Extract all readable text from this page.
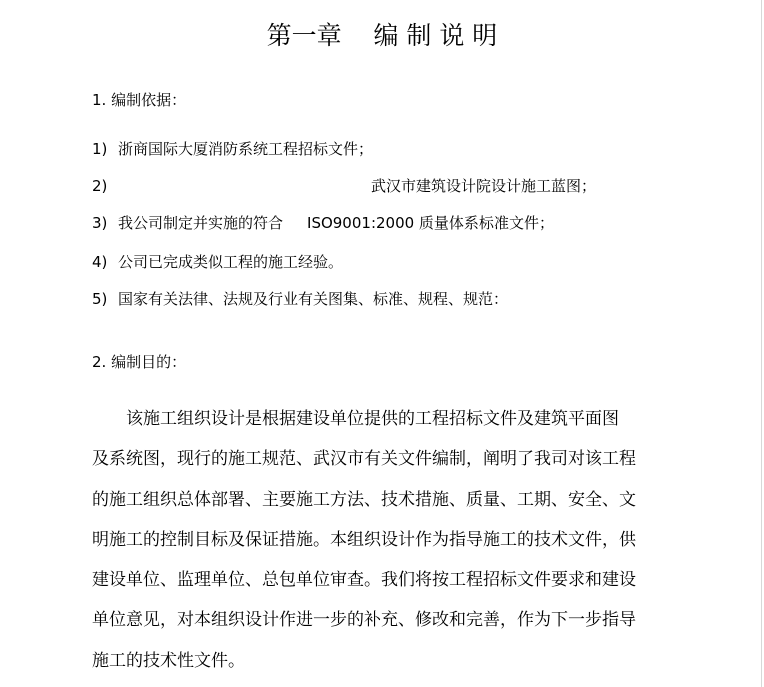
第一章    编 制 说 明

1. 编制依据：

1) 浙商国际大厦消防系统工程招标文件；

2)	武汉市建筑设计院设计施工蓝图；

3) 我公司制定并实施的符合 ISO9001:2000 质量体系标准文件；

4) 公司已完成类似工程的施工经验。

5) 国家有关法律、法规及行业有关图集、标准、规程、规范：

2. 编制目的：

　　该施工组织设计是根据建设单位提供的工程招标文件及建筑平面图

及系统图，现行的施工规范、武汉市有关文件编制，阐明了我司对该工程

的施工组织总体部署、主要施工方法、技术措施、质量、工期、安全、文

明施工的控制目标及保证措施。本组织设计作为指导施工的技术文件，供

建设单位、监理单位、总包单位审查。我们将按工程招标文件要求和建设

单位意见，对本组织设计作进一步的补充、修改和完善，作为下一步指导

施工的技术性文件。
